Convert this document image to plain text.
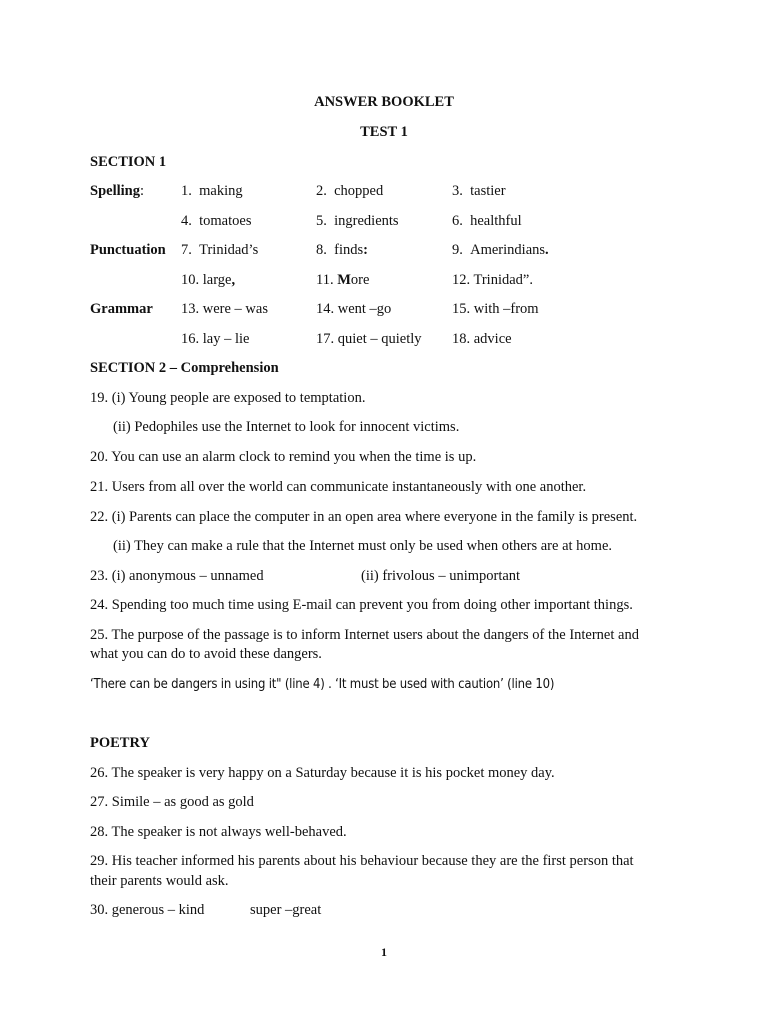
ANSWER BOOKLET
TEST 1
SECTION 1
Spelling:	1. making	2. chopped	3. tastier
4. tomatoes	5. ingredients	6. healthful
Punctuation 7. Trinidad’s	8. finds:	9. Amerindians.
10. large,	11. More	12. Trinidad”.
Grammar 13. were – was	14. went –go	15. with –from
16. lay – lie	17. quiet – quietly 18. advice
SECTION 2 – Comprehension
19. (i) Young people are exposed to temptation.
(ii) Pedophiles use the Internet to look for innocent victims.
20. You can use an alarm clock to remind you when the time is up.
21. Users from all over the world can communicate instantaneously with one another.
22. (i) Parents can place the computer in an open area where everyone in the family is present.
(ii) They can make a rule that the Internet must only be used when others are at home.
23. (i) anonymous – unnamed	(ii) frivolous – unimportant
24. Spending too much time using E-mail can prevent you from doing other important things.
25. The purpose of the passage is to inform Internet users about the dangers of the Internet and
what you can do to avoid these dangers.
‘There can be dangers in using it" (line 4) . ‘It must be used with caution’ (line 10)
POETRY
26. The speaker is very happy on a Saturday because it is his pocket money day.
27. Simile – as good as gold
28. The speaker is not always well-behaved.
29. His teacher informed his parents about his behaviour because they are the first person that
their parents would ask.
30. generous – kind	super –great
1
